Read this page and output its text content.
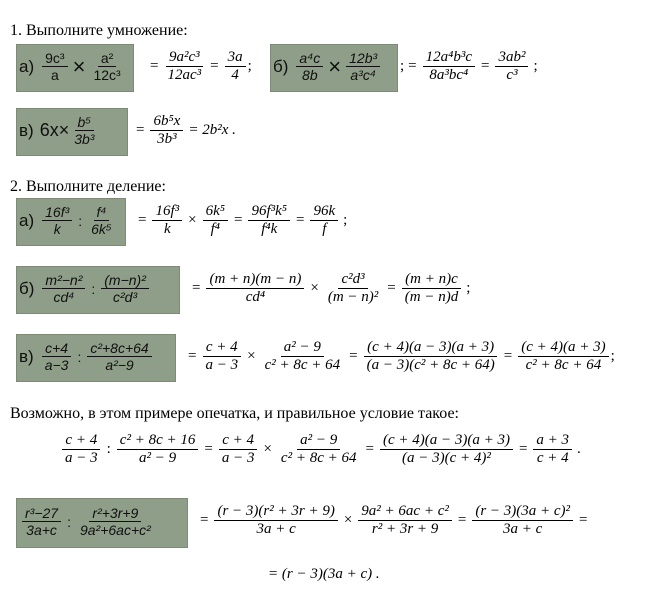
1. Выполните умножение:
2. Выполните деление:
Возможно, в этом примере опечатка, и правильное условие такое:
$а) \frac{\text{9c³}}{a} \times \frac{\text{a²}}{\text{12c³}} = \frac{\text{9a²c³}}{\text{12ac³}} = \frac{3a}{4}$ ; $б) \frac{\text{a⁴c}}{8b} \times \frac{\text{12b³}}{\text{a³c⁴}}$ ; = $\frac{\text{12a⁴b³c}}{\text{8a³bc⁴}} = \frac{\text{3ab²}}{\text{c³}}$ ;
в) $6x\times \frac{\text{b⁵}}{\text{3b³}}$	= $\frac{\text{6b⁵x}}{\text{3b³}} = 2b^2x$ .
$а) \frac{\text{16f³}}{k}$ : $\frac{\text{f⁴}}{\text{6k⁵}} = \frac{\text{16f³}}{k} \times \frac{\text{6k⁵}}{\text{f⁴}} = \frac{\text{96f³k⁵}}{\text{f⁴k}} = \frac{96k}{f}$ ;
$б) \frac{\text{m²−n²}}{\text{cd⁴}}$ : $\frac{\text{(m−n)²}}{\text{c²d³}}$	= $\frac{(m + n)(m - n)}{\text{cd⁴}} \times \frac{\text{c²d³}}{\text{(m − n)²}} = \frac{(m + n)c}{(m - n)d}$ ;
$в) \frac{c+4}{a-3}$ : $\frac{\text{c²+8c+64}}{\text{a²−9}} = \frac{c + 4}{a - 3} \times \frac{\text{a² − 9}}{\text{c² + 8c + 64}} = \frac{(c + 4)(a - 3)(a + 3)}{\text{(a − 3)(c² + 8c + 64)}} = \frac{(c + 4)(a + 3)}{\text{c² + 8c + 64}}$ ;
$\frac{c + 4}{a - 3}$ : $\frac{\text{c² + 8c + 16}}{\text{a² − 9}} = \frac{c + 4}{a - 3} \times \frac{\text{a² − 9}}{\text{c² + 8c + 64}} = \frac{(c + 4)(a - 3)(a + 3)}{\text{(a − 3)(c + 4)²}} = \frac{a + 3}{c + 4}$ .
$\frac{\text{r³−27}}{3a+c}$ : $\frac{\text{r²+3r+9}}{\text{9a²+6ac+c²}}$	= $\frac{\text{(r − 3)(r² + 3r + 9)}}{3a + c} \times \frac{\text{9a² + 6ac + c²}}{\text{r² + 3r + 9}} = \frac{\text{(r − 3)(3a + c)²}}{3a + c}$ =
= (r − 3)(3a + c) .
